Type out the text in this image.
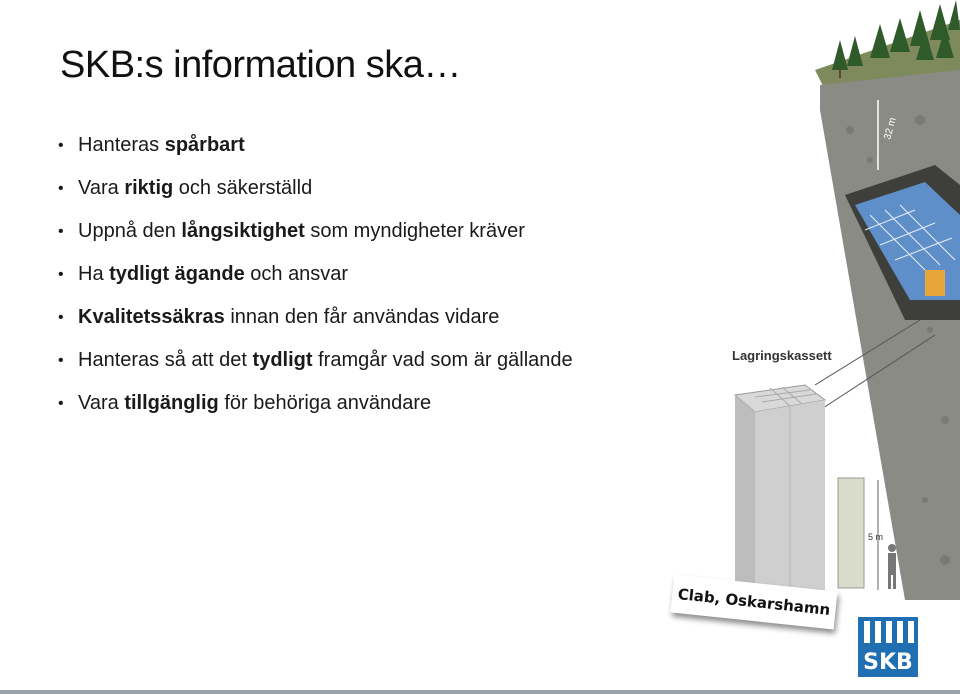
SKB:s information ska…
• Hanteras spårbart
• Vara riktig och säkerställd
• Uppnå den långsiktighet som myndigheter kräver
• Ha tydligt ägande och ansvar
• Kvalitetssäkras innan den får användas vidare
• Hanteras så att det tydligt framgår vad som är gällande
• Vara tillgänglig för behöriga användare
32 m
Lagringskassett
5 m
Clab, Oskarshamn
SKB
